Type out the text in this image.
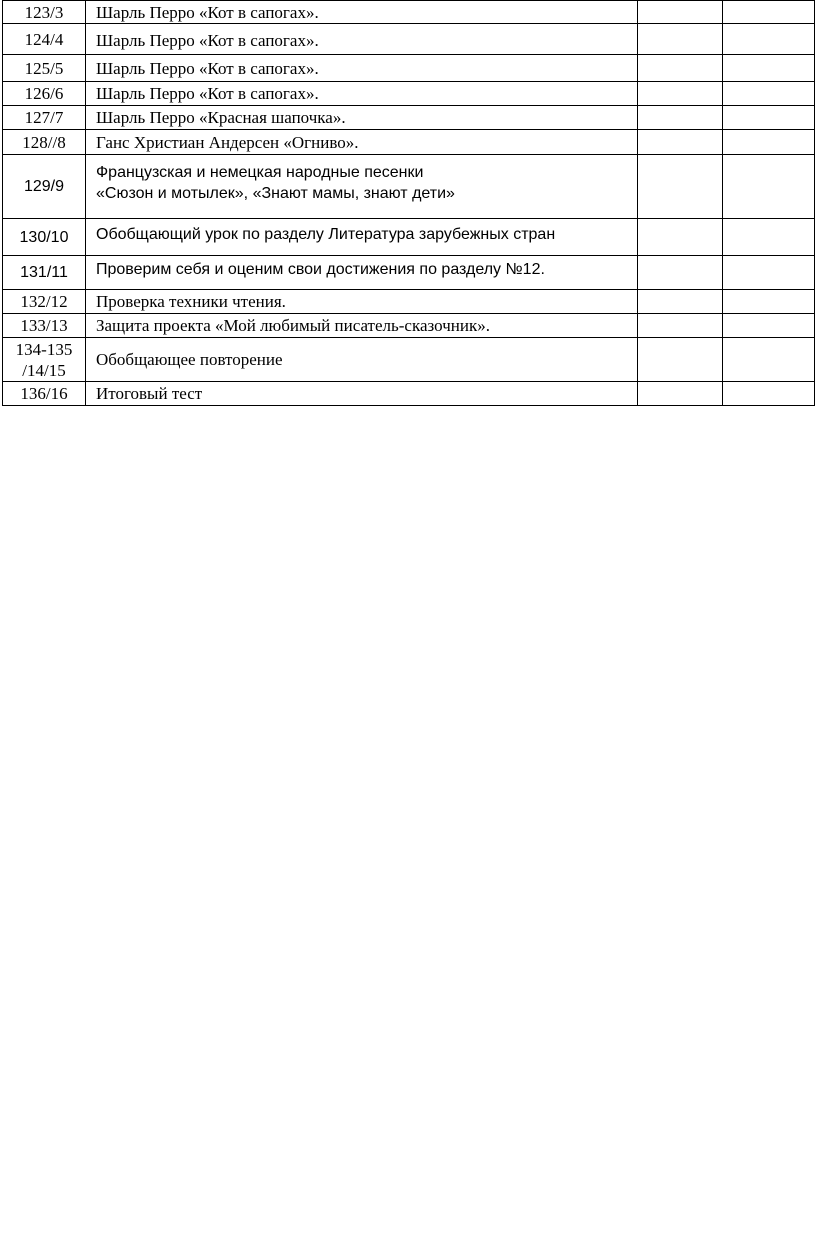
123/3	Шарль Перро «Кот в сапогах».		

124/4	Шарль Перро «Кот в сапогах».		

125/5	Шарль Перро «Кот в сапогах».		

126/6	Шарль Перро «Кот в сапогах».		

127/7	Шарль Перро «Красная шапочка».		

128//8	Ганс Христиан Андерсен «Огниво».		

129/9	Французская и немецкая народные песенки
«Сюзон и мотылек», «Знают мамы, знают дети»		

130/10	Обобщающий урок по разделу Литература зарубежных стран		

131/11	Проверим себя и оценим свои достижения по разделу №12.		

132/12	Проверка техники чтения.		

133/13	Защита проекта «Мой любимый писатель-сказочник».		

134-135
/14/15	Обобщающее повторение		

136/16	Итоговый тест		
